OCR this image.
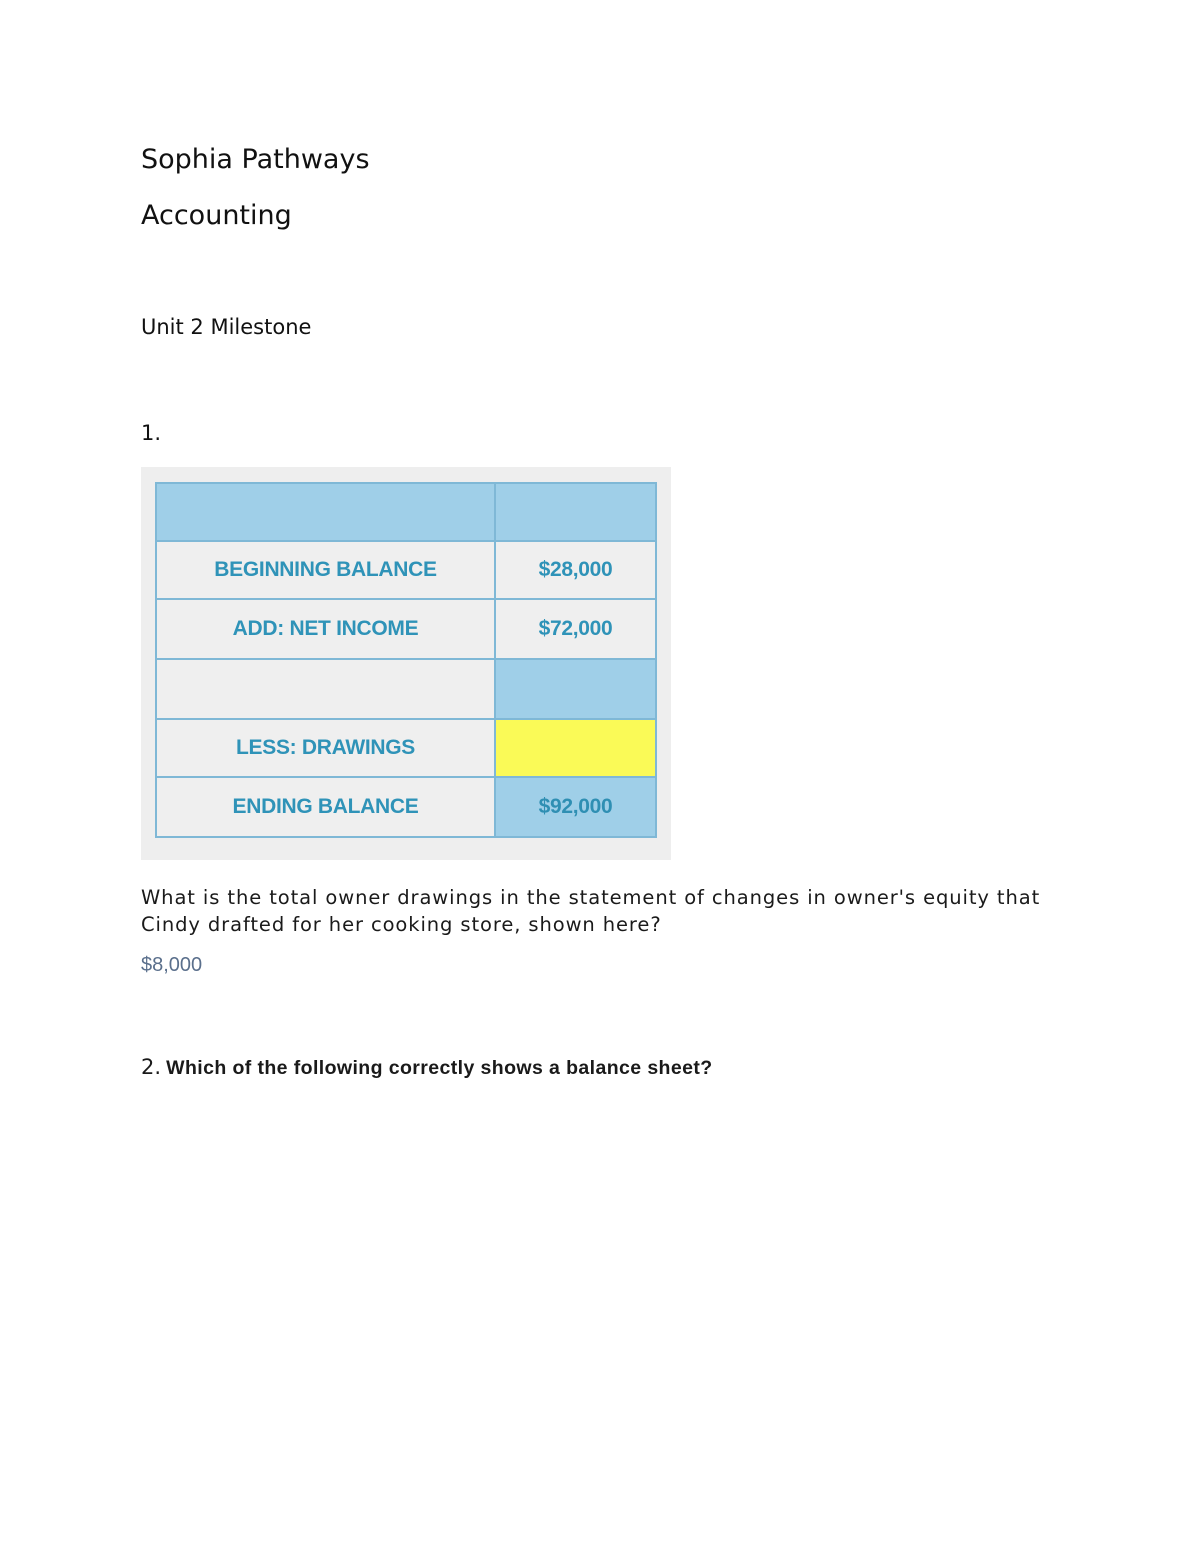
Sophia Pathways
Accounting
Unit 2 Milestone
1.

BEGINNING BALANCE	$28,000
ADD: NET INCOME	$72,000

LESS: DRAWINGS	
ENDING BALANCE	$92,000
What is the total owner drawings in the statement of changes in owner's equity that Cindy drafted for her cooking store, shown here?
$8,000
2. Which of the following correctly shows a balance sheet?
